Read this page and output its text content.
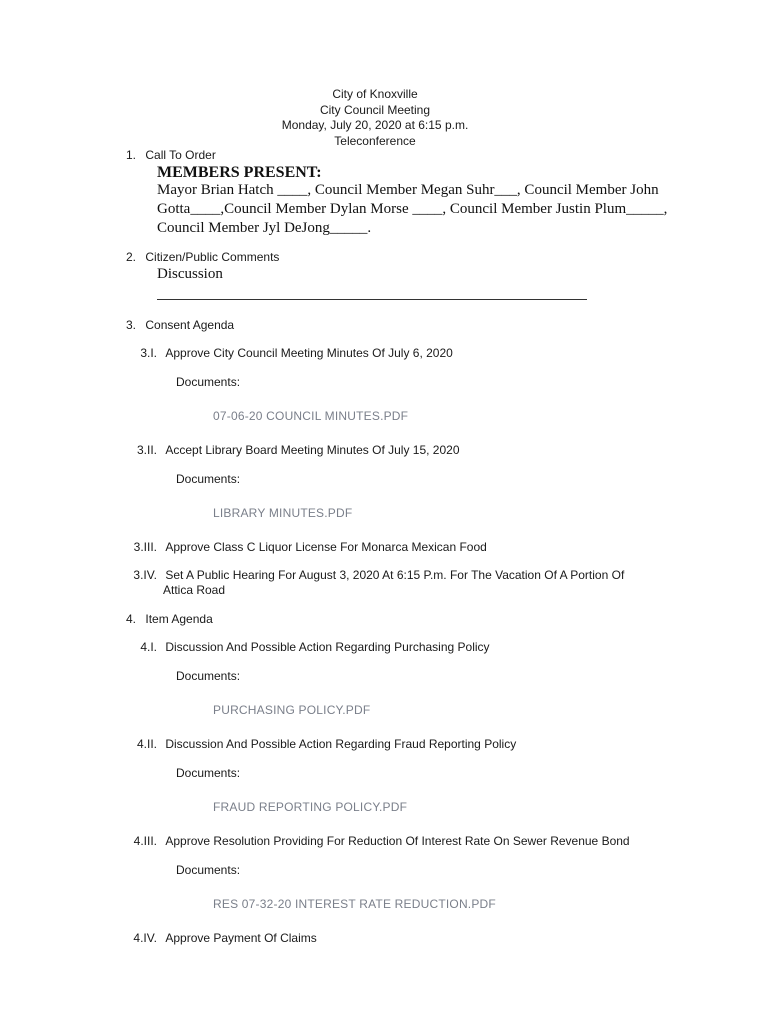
City of Knoxville
City Council Meeting
Monday, July 20, 2020 at 6:15 p.m.
Teleconference
1. Call To Order
MEMBERS PRESENT:
Mayor Brian Hatch ____, Council Member Megan Suhr___, Council Member John
Gotta____,Council Member Dylan Morse ____, Council Member Justin Plum_____,
Council Member Jyl DeJong_____.
2. Citizen/Public Comments
Discussion
3. Consent Agenda
3.I. Approve City Council Meeting Minutes Of July 6, 2020
Documents:
07-06-20 COUNCIL MINUTES.PDF
3.II. Accept Library Board Meeting Minutes Of July 15, 2020
Documents:
LIBRARY MINUTES.PDF
3.III. Approve Class C Liquor License For Monarca Mexican Food
3.IV. Set A Public Hearing For August 3, 2020 At 6:15 P.m. For The Vacation Of A Portion Of
Attica Road
4. Item Agenda
4.I. Discussion And Possible Action Regarding Purchasing Policy
Documents:
PURCHASING POLICY.PDF
4.II. Discussion And Possible Action Regarding Fraud Reporting Policy
Documents:
FRAUD REPORTING POLICY.PDF
4.III. Approve Resolution Providing For Reduction Of Interest Rate On Sewer Revenue Bond
Documents:
RES 07-32-20 INTEREST RATE REDUCTION.PDF
4.IV. Approve Payment Of Claims
